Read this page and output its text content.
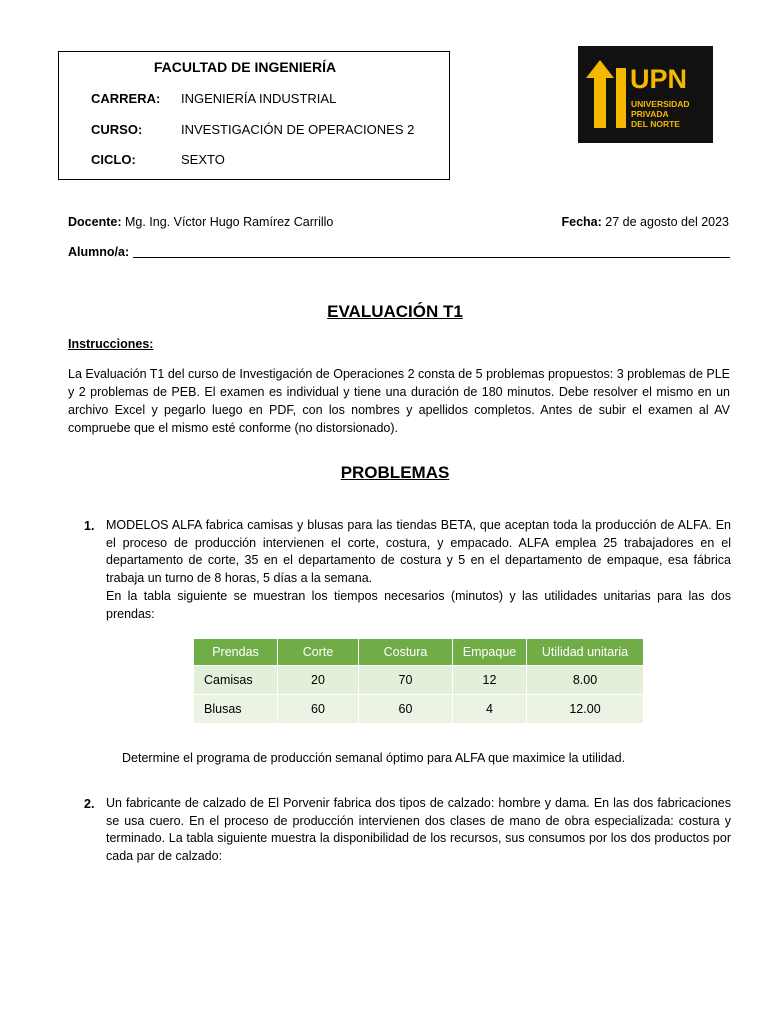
FACULTAD DE INGENIERÍA
CARRERA: INGENIERÍA INDUSTRIAL
CURSO:	INVESTIGACIÓN DE OPERACIONES 2
CICLO:	SEXTO
UPN
UNIVERSIDAD
PRIVADA
DEL NORTE
Docente: Mg. Ing. Víctor Hugo Ramírez Carrillo	Fecha: 27 de agosto del 2023
Alumno/a:
EVALUACIÓN T1
Instrucciones:
La Evaluación T1 del curso de Investigación de Operaciones 2 consta de 5 problemas propuestos: 3 problemas de PLE y 2 problemas de PEB. El examen es individual y tiene una duración de 180 minutos. Debe resolver el mismo en un archivo Excel y pegarlo luego en PDF, con los nombres y apellidos completos. Antes de subir el examen al AV compruebe que el mismo esté conforme (no distorsionado).
PROBLEMAS
1. MODELOS ALFA fabrica camisas y blusas para las tiendas BETA, que aceptan toda la producción de ALFA. En el proceso de producción intervienen el corte, costura, y empacado. ALFA emplea 25 trabajadores en el departamento de corte, 35 en el departamento de costura y 5 en el departamento de empaque, esa fábrica trabaja un turno de 8 horas, 5 días a la semana.
En la tabla siguiente se muestran los tiempos necesarios (minutos) y las utilidades unitarias para las dos prendas:
Prendas	Corte	Costura	Empaque	Utilidad unitaria
Camisas	20	70	12	8.00
Blusas	60	60	4	12.00
Determine el programa de producción semanal óptimo para ALFA que maximice la utilidad.
2. Un fabricante de calzado de El Porvenir fabrica dos tipos de calzado: hombre y dama. En las dos fabricaciones se usa cuero. En el proceso de producción intervienen dos clases de mano de obra especializada: costura y terminado. La tabla siguiente muestra la disponibilidad de los recursos, sus consumos por los dos productos por cada par de calzado:
